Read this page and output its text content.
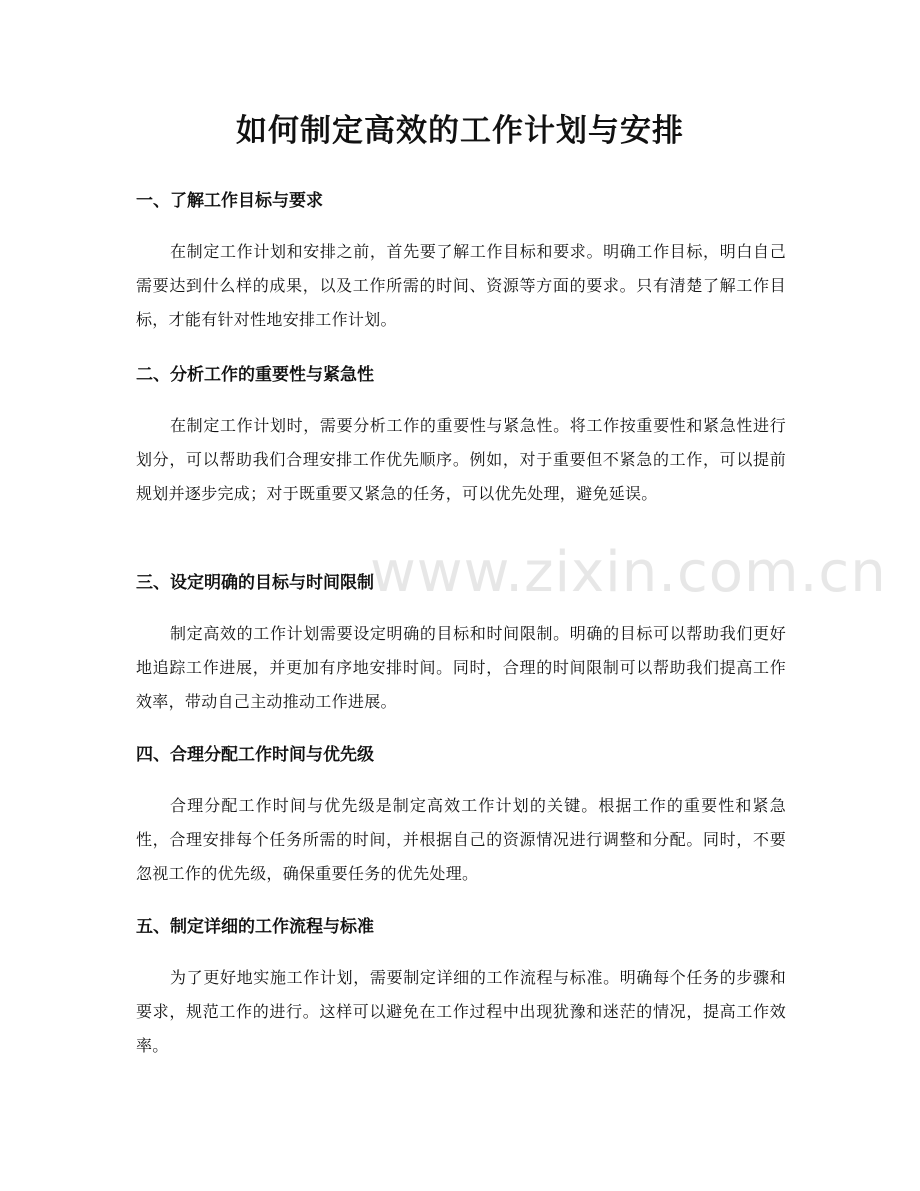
如何制定高效的工作计划与安排
一、了解工作目标与要求

在制定工作计划和安排之前，首先要了解工作目标和要求。明确工作目标，明白自己需要达到什么样的成果，以及工作所需的时间、资源等方面的要求。只有清楚了解工作目标，才能有针对性地安排工作计划。

二、分析工作的重要性与紧急性

在制定工作计划时，需要分析工作的重要性与紧急性。将工作按重要性和紧急性进行划分，可以帮助我们合理安排工作优先顺序。例如，对于重要但不紧急的工作，可以提前规划并逐步完成；对于既重要又紧急的任务，可以优先处理，避免延误。

三、设定明确的目标与时间限制

制定高效的工作计划需要设定明确的目标和时间限制。明确的目标可以帮助我们更好地追踪工作进展，并更加有序地安排时间。同时，合理的时间限制可以帮助我们提高工作效率，带动自己主动推动工作进展。

四、合理分配工作时间与优先级

合理分配工作时间与优先级是制定高效工作计划的关键。根据工作的重要性和紧急性，合理安排每个任务所需的时间，并根据自己的资源情况进行调整和分配。同时，不要忽视工作的优先级，确保重要任务的优先处理。

五、制定详细的工作流程与标准

为了更好地实施工作计划，需要制定详细的工作流程与标准。明确每个任务的步骤和要求，规范工作的进行。这样可以避免在工作过程中出现犹豫和迷茫的情况，提高工作效率。

www.zixin.com.cn
